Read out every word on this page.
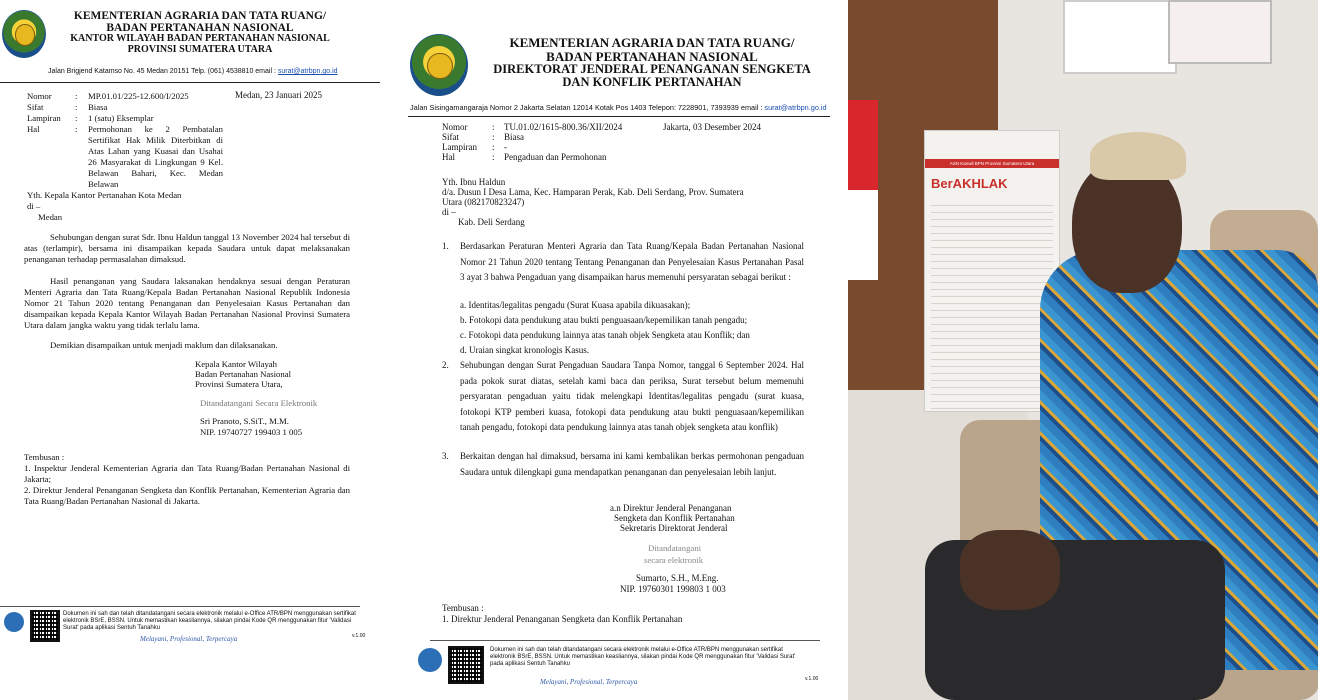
KEMENTERIAN AGRARIA DAN TATA RUANG/
BADAN PERTANAHAN NASIONAL
KANTOR WILAYAH BADAN PERTANAHAN NASIONAL
PROVINSI SUMATERA UTARA
Jalan Brigjend Katamso No. 45 Medan 20151 Telp. (061) 4538810 email : surat@atrbpn.go.id
Nomor	: MP.01.01/225-12.600/I/2025	Medan, 23 Januari 2025
Sifat	: Biasa
Lampiran : 1 (satu) Eksemplar
Hal	: Permohonan ke 2 Pembatalan Sertifikat Hak Milik Diterbitkan di Atas Lahan yang Kuasai dan Usahai 26 Masyarakat di Lingkungan 9 Kel. Belawan Bahari, Kec. Medan Belawan
Yth. Kepala Kantor Pertanahan Kota Medan
di –
Medan
Sehubungan dengan surat Sdr. Ibnu Haldun tanggal 13 November 2024 hal tersebut di atas (terlampir), bersama ini disampaikan kepada Saudara untuk dapat melaksanakan penanganan terhadap permasalahan dimaksud.
Hasil penanganan yang Saudara laksanakan hendaknya sesuai dengan Peraturan Menteri Agraria dan Tata Ruang/Kepala Badan Pertanahan Nasional Republik Indonesia Nomor 21 Tahun 2020 tentang Penanganan dan Penyelesaian Kasus Pertanahan dan disampaikan kepada Kepala Kantor Wilayah Badan Pertanahan Nasional Provinsi Sumatera Utara dalam jangka waktu yang tidak terlalu lama.
Demikian disampaikan untuk menjadi maklum dan dilaksanakan.
Kepala Kantor Wilayah
Badan Pertanahan Nasional
Provinsi Sumatera Utara,
Ditandatangani Secara Elektronik
Sri Pranoto, S.SiT., M.M.
NIP. 19740727 199403 1 005
Tembusan :
1. Inspektur Jenderal Kementerian Agraria dan Tata Ruang/Badan Pertanahan Nasional di Jakarta;
2. Direktur Jenderal Penanganan Sengketa dan Konflik Pertanahan, Kementerian Agraria dan Tata Ruang/Badan Pertanahan Nasional di Jakarta.
Dokumen ini sah dan telah ditandatangani secara elektronik melalui e-Office ATR/BPN menggunakan sertifikat elektronik BSrE, BSSN. Untuk memastikan keasliannya, silakan pindai Kode QR menggunakan fitur 'Validasi Surat' pada aplikasi Sentuh Tanahku
Melayani, Profesional, Terpercaya	v.1.00
KEMENTERIAN AGRARIA DAN TATA RUANG/
BADAN PERTANAHAN NASIONAL
DIREKTORAT JENDERAL PENANGANAN SENGKETA
DAN KONFLIK PERTANAHAN
Jalan Sisingamangaraja Nomor 2 Jakarta Selatan 12014 Kotak Pos 1403 Telepon: 7228901, 7393939 email : surat@atrbpn.go.id
Nomor	: TU.01.02/1615-800.36/XII/2024	Jakarta, 03 Desember 2024
Sifat	: Biasa
Lampiran : -
Hal	: Pengaduan dan Permohonan
Yth. Ibnu Haldun
d/a. Dusun I Desa Lama, Kec. Hamparan Perak, Kab. Deli Serdang, Prov. Sumatera
Utara (082170823247)
di –
Kab. Deli Serdang
1. Berdasarkan Peraturan Menteri Agraria dan Tata Ruang/Kepala Badan Pertanahan Nasional Nomor 21 Tahun 2020 tentang Tentang Penanganan dan Penyelesaian Kasus Pertanahan Pasal 3 ayat 3 bahwa Pengaduan yang disampaikan harus memenuhi persyaratan sebagai berikut :
a. Identitas/legalitas pengadu (Surat Kuasa apabila dikuasakan);
b. Fotokopi data pendukung atau bukti penguasaan/kepemilikan tanah pengadu;
c. Fotokopi data pendukung lainnya atas tanah objek Sengketa atau Konflik; dan
d. Uraian singkat kronologis Kasus.
2. Sehubungan dengan Surat Pengaduan Saudara Tanpa Nomor, tanggal 6 September 2024. Hal pada pokok surat diatas, setelah kami baca dan periksa, Surat tersebut belum memenuhi persyaratan pengaduan yaitu tidak melengkapi Identitas/legalitas pengadu (surat kuasa, fotokopi KTP pemberi kuasa, fotokopi data pendukung atau bukti penguasaan/kepemilikan tanah pengadu, fotokopi data pendukung lainnya atas tanah objek sengketa atau konflik)
3. Berkaitan dengan hal dimaksud, bersama ini kami kembalikan berkas permohonan pengaduan Saudara untuk dilengkapi guna mendapatkan penanganan dan penyelesaian lebih lanjut.
a.n Direktur Jenderal Penanganan
Sengketa dan Konflik Pertanahan
Sekretaris Direktorat Jenderal
Ditandatangani
secara elektronik
Sumarto, S.H., M.Eng.
NIP. 19760301 199803 1 003
Tembusan :
1. Direktur Jenderal Penanganan Sengketa dan Konflik Pertanahan
Dokumen ini sah dan telah ditandatangani secara elektronik melalui e-Office ATR/BPN menggunakan sertifikat elektronik BSrE, BSSN. Untuk memastikan keasliannya, silakan pindai Kode QR menggunakan fitur 'Validasi Surat' pada aplikasi Sentuh Tanahku
Melayani, Profesional, Terpercaya	v.1.00
ASN Kanwil BPN Provinsi Sumatera Utara
BerAKHLAK
